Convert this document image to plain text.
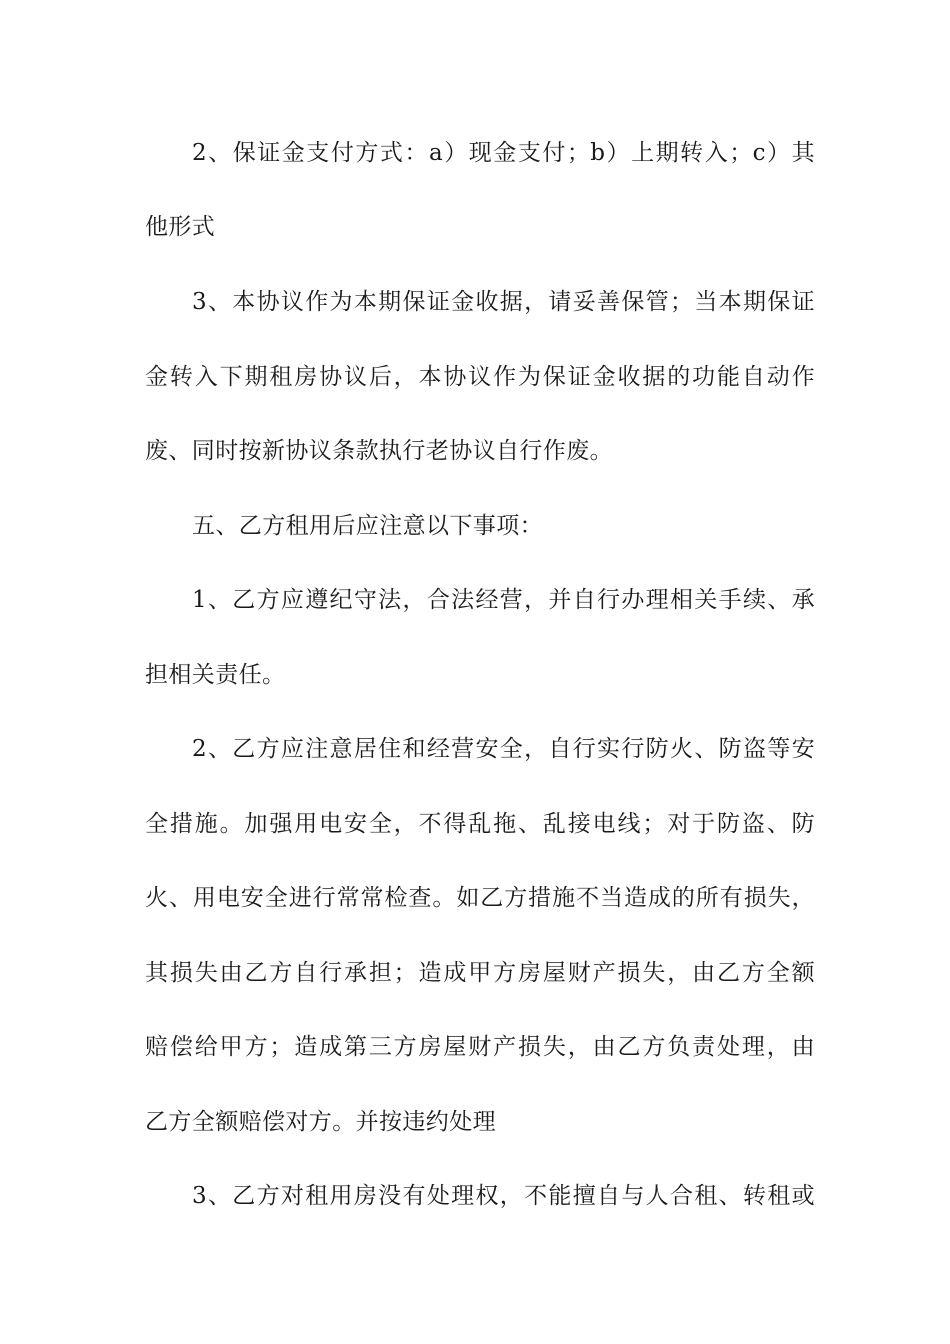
2、保证金支付方式：a）现金支付；b）上期转入；c）其
他形式
3、本协议作为本期保证金收据，请妥善保管；当本期保证
金转入下期租房协议后，本协议作为保证金收据的功能自动作
废、同时按新协议条款执行老协议自行作废。
五、乙方租用后应注意以下事项：
1、乙方应遵纪守法，合法经营，并自行办理相关手续、承
担相关责任。
2、乙方应注意居住和经营安全，自行实行防火、防盗等安
全措施。加强用电安全，不得乱拖、乱接电线；对于防盗、防
火、用电安全进行常常检查。如乙方措施不当造成的所有损失，
其损失由乙方自行承担；造成甲方房屋财产损失，由乙方全额
赔偿给甲方；造成第三方房屋财产损失，由乙方负责处理，由
乙方全额赔偿对方。并按违约处理
3、乙方对租用房没有处理权，不能擅自与人合租、转租或
